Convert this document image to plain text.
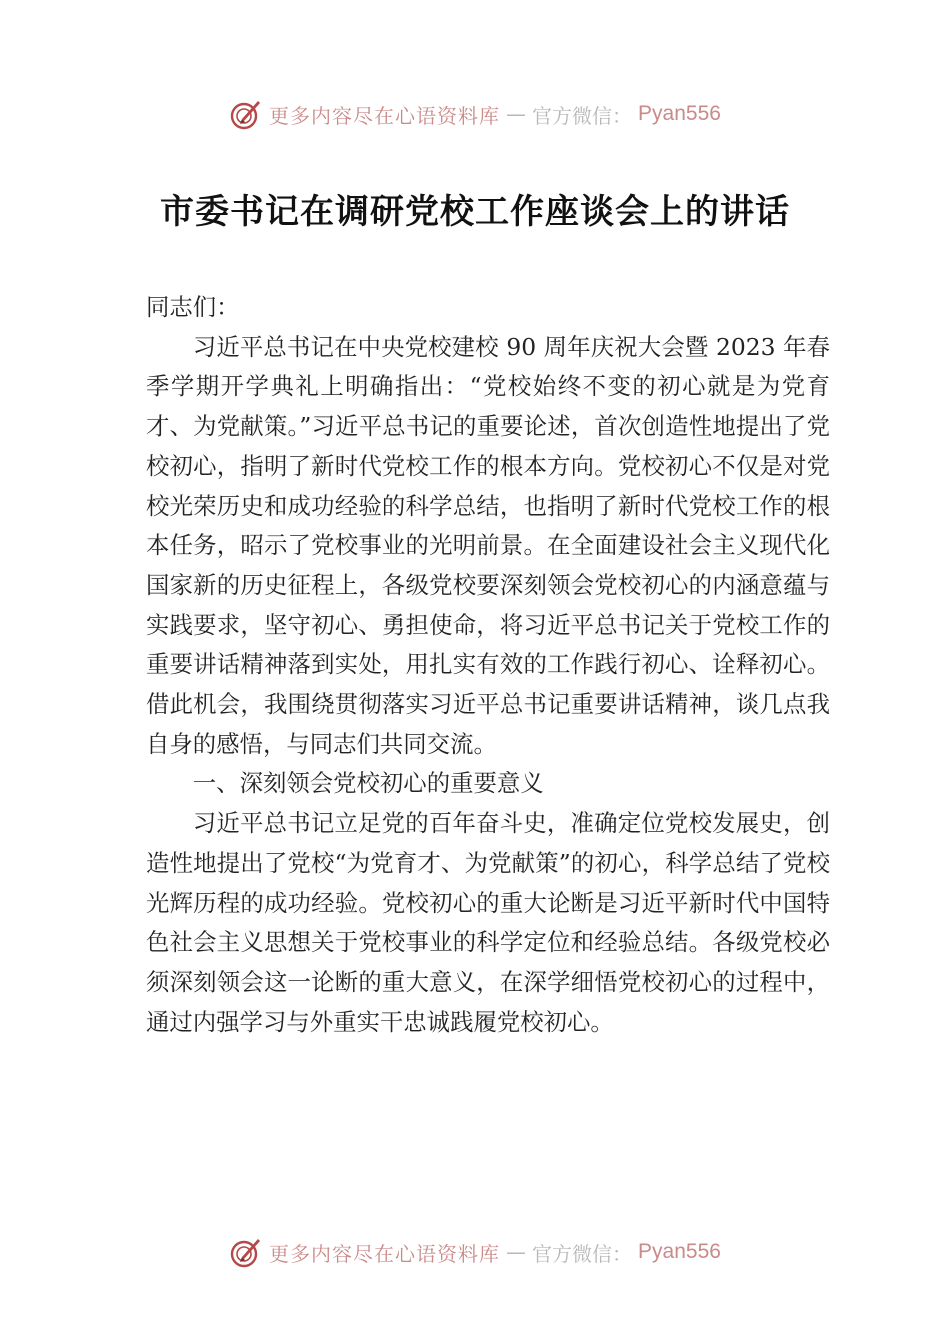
更多内容尽在心语资料库 — 官方微信： Pyan556
市委书记在调研党校工作座谈会上的讲话

同志们：

习近平总书记在中央党校建校 90 周年庆祝大会暨 2023 年春季学期开学典礼上明确指出：“党校始终不变的初心就是为党育才、为党献策。”习近平总书记的重要论述，首次创造性地提出了党校初心，指明了新时代党校工作的根本方向。党校初心不仅是对党校光荣历史和成功经验的科学总结，也指明了新时代党校工作的根本任务，昭示了党校事业的光明前景。在全面建设社会主义现代化国家新的历史征程上，各级党校要深刻领会党校初心的内涵意蕴与实践要求，坚守初心、勇担使命，将习近平总书记关于党校工作的重要讲话精神落到实处，用扎实有效的工作践行初心、诠释初心。借此机会，我围绕贯彻落实习近平总书记重要讲话精神，谈几点我自身的感悟，与同志们共同交流。

一、深刻领会党校初心的重要意义

习近平总书记立足党的百年奋斗史，准确定位党校发展史，创造性地提出了党校“为党育才、为党献策”的初心，科学总结了党校光辉历程的成功经验。党校初心的重大论断是习近平新时代中国特色社会主义思想关于党校事业的科学定位和经验总结。各级党校必须深刻领会这一论断的重大意义，在深学细悟党校初心的过程中，通过内强学习与外重实干忠诚践履党校初心。

更多内容尽在心语资料库 — 官方微信： Pyan556
